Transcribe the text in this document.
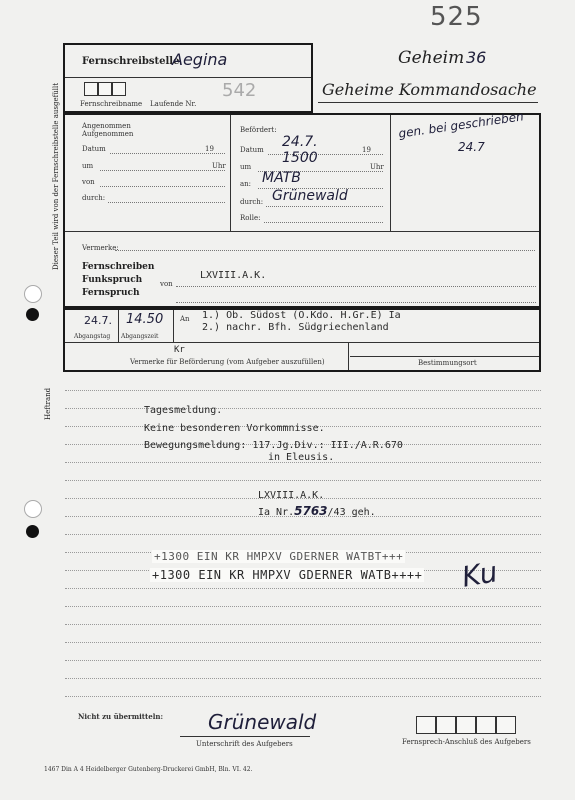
525
Geheim 36
Geheime Kommandosache
Dieser Teil wird von der Fernschreibstelle ausgefüllt
Fernschreibstelle
Aegina
Fernschreibname Laufende Nr.
542
Angenommen
Aufgenommen
Datum	19
um	Uhr
von
durch:
Befördert:
Datum 24.7.	19
um
1500
Uhr
an: MATB
durch: Grünewald
Rolle:
gen. bei geschrieben
24.7
Vermerke:
Fernschreiben
Funkspruch
Fernspruch
von
LXVIII.A.K.
24.7. 14.50
Abgangstag Abgangszeit
An 1.) Ob. Südost (O.Kdo. H.Gr.E) Ia
2.) nachr. Bfh. Südgriechenland
Kr
Vermerke für Beförderung (vom Aufgeber auszufüllen)	Bestimmungsort
Heftrand	Tagesmeldung.
Keine besonderen Vorkommnisse.
Bewegungsmeldung: 117.Jg.Div.: III./A.R.670
in Eleusis.
LXVIII.A.K.
Ia Nr.5763/43 geh.
+1300 EIN KR HMPXV GDERNER WATBT+++
+1300 EIN KR HMPXV GDERNER WATB++++ Ku
Nicht zu übermitteln: Grünewald
Unterschrift des Aufgebers	Fernsprech-Anschluß des Aufgebers
1467 Din A 4 Heidelberger Gutenberg-Druckerei GmbH, Bln. VI. 42.
